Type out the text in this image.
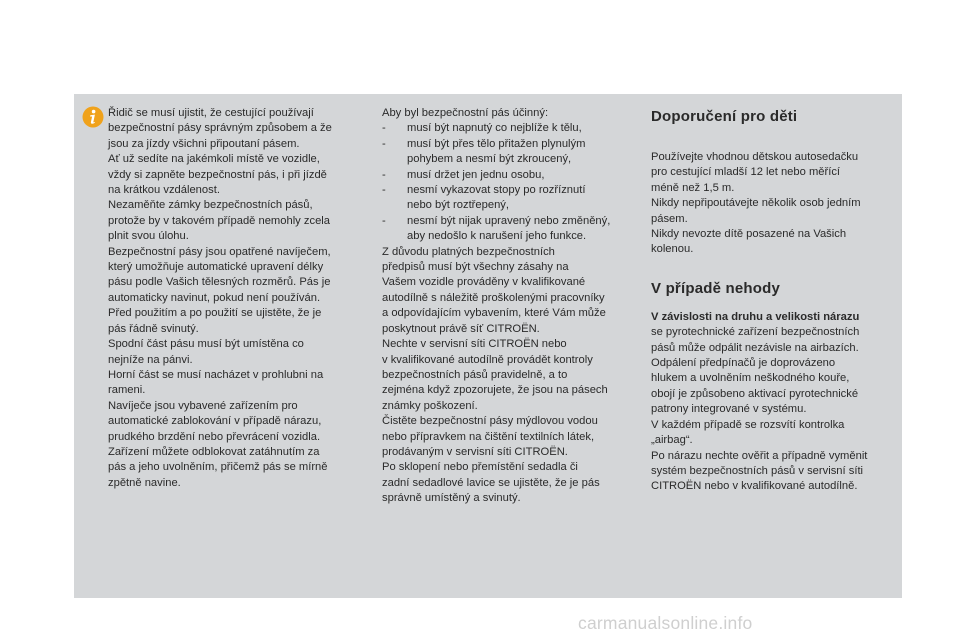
Řidič se musí ujistit, že cestující používají

bezpečnostní pásy správným způsobem a že

jsou za jízdy všichni připoutaní pásem.

Ať už sedíte na jakémkoli místě ve vozidle,

vždy si zapněte bezpečnostní pás, i při jízdě

na krátkou vzdálenost.

Nezaměňte zámky bezpečnostních pásů,

protože by v takovém případě nemohly zcela

plnit svou úlohu.

Bezpečnostní pásy jsou opatřené navíječem,

který umožňuje automatické upravení délky

pásu podle Vašich tělesných rozměrů. Pás je

automaticky navinut, pokud není používán.

Před použitím a po použití se ujistěte, že je

pás řádně svinutý.

Spodní část pásu musí být umístěna co

nejníže na pánvi.

Horní část se musí nacházet v prohlubni na

rameni.

Navíječe jsou vybavené zařízením pro

automatické zablokování v případě nárazu,

prudkého brzdění nebo převrácení vozidla.

Zařízení můžete odblokovat zatáhnutím za

pás a jeho uvolněním, přičemž pás se mírně

zpětně navine.

Aby byl bezpečnostní pás účinný:

- musí být napnutý co nejblíže k tělu,

- musí být přes tělo přitažen plynulým

pohybem a nesmí být zkroucený,

- musí držet jen jednu osobu,

- nesmí vykazovat stopy po rozříznutí

nebo být roztřepený,

- nesmí být nijak upravený nebo změněný,

aby nedošlo k narušení jeho funkce.

Z důvodu platných bezpečnostních

předpisů musí být všechny zásahy na

Vašem vozidle prováděny v kvalifikované

autodílně s náležitě proškolenými pracovníky

a odpovídajícím vybavením, které Vám může

poskytnout právě síť CITROËN.

Nechte v servisní síti CITROËN nebo

v kvalifikované autodílně provádět kontroly

bezpečnostních pásů pravidelně, a to

zejména když zpozorujete, že jsou na pásech

známky poškození.

Čistěte bezpečnostní pásy mýdlovou vodou

nebo přípravkem na čištění textilních látek,

prodávaným v servisní síti CITROËN.

Po sklopení nebo přemístění sedadla či

zadní sedadlové lavice se ujistěte, že je pás

správně umístěný a svinutý.

Doporučení pro děti

Používejte vhodnou dětskou autosedačku

pro cestující mladší 12 let nebo měřící

méně než 1,5 m.

Nikdy nepřipoutávejte několik osob jedním

pásem.

Nikdy nevozte dítě posazené na Vašich

kolenou.

V případě nehody

V závislosti na druhu a velikosti nárazu

se pyrotechnické zařízení bezpečnostních

pásů může odpálit nezávisle na airbazích.

Odpálení předpínačů je doprovázeno

hlukem a uvolněním neškodného kouře,

obojí je způsobeno aktivací pyrotechnické

patrony integrované v systému.

V každém případě se rozsvítí kontrolka

„airbag“.

Po nárazu nechte ověřit a případně vyměnit

systém bezpečnostních pásů v servisní síti

CITROËN nebo v kvalifikované autodílně.

carmanualsonline.info
